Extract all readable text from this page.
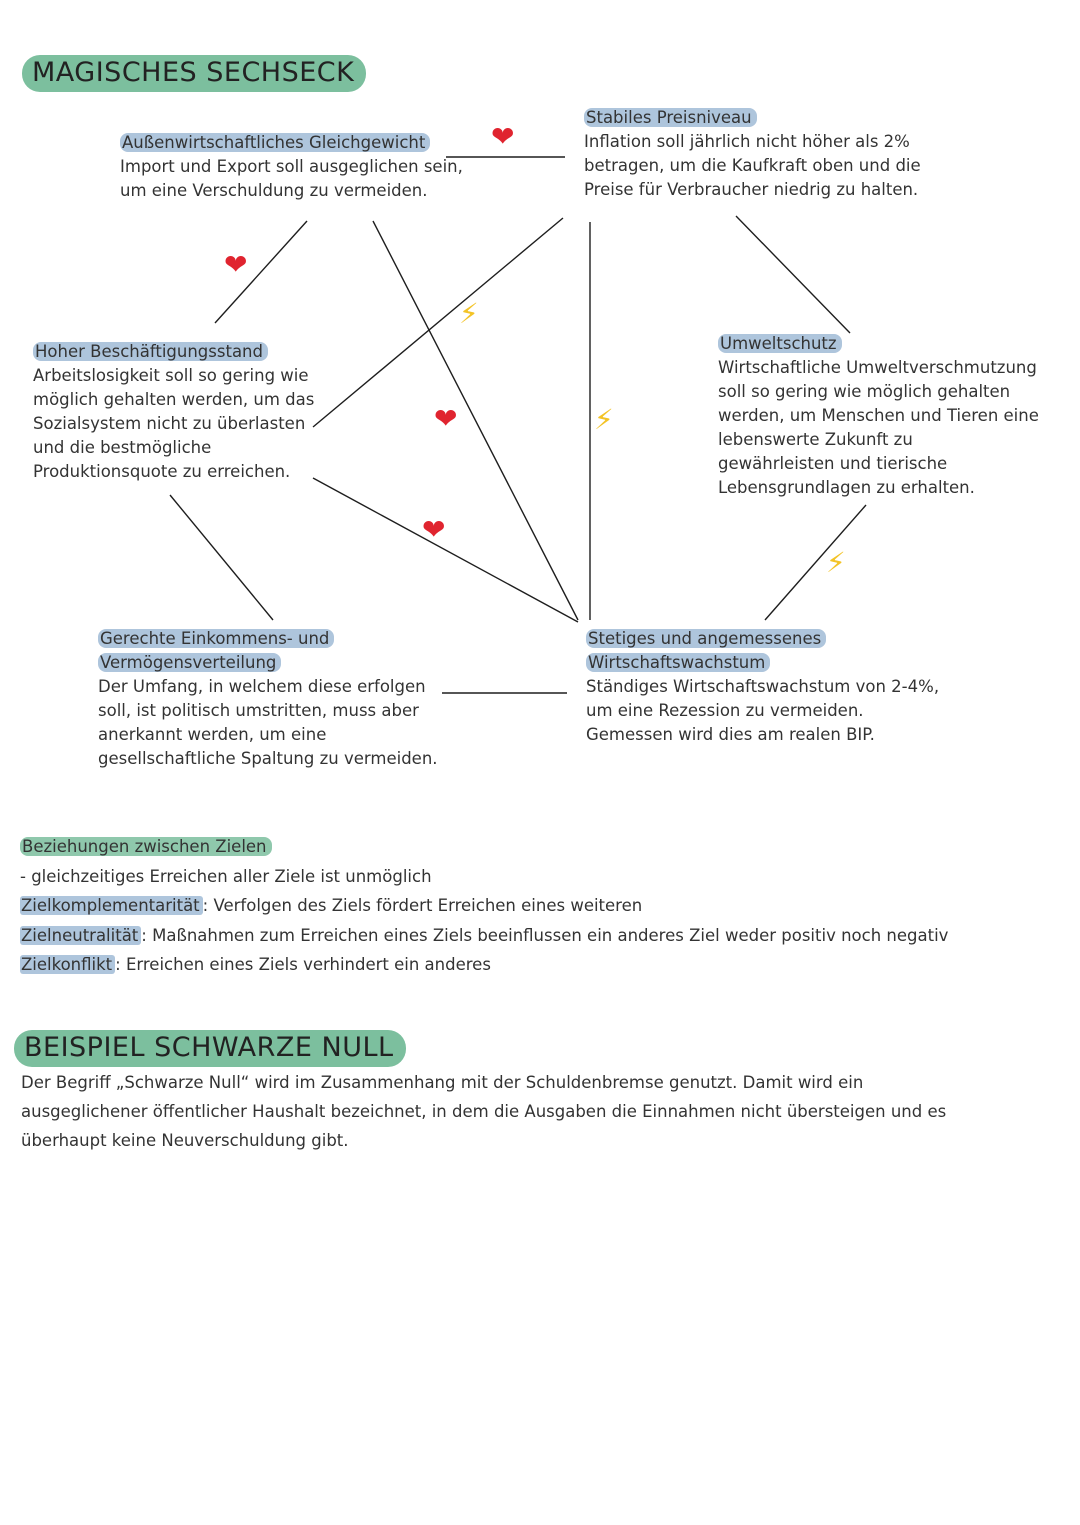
MAGISCHES SECHSECK
Außenwirtschaftliches Gleichgewicht
Import und Export soll ausgeglichen sein,
um eine Verschuldung zu vermeiden.
Stabiles Preisniveau
Inflation soll jährlich nicht höher als 2%
betragen, um die Kaufkraft oben und die
Preise für Verbraucher niedrig zu halten.
Hoher Beschäftigungsstand
Arbeitslosigkeit soll so gering wie
möglich gehalten werden, um das
Sozialsystem nicht zu überlasten
und die bestmögliche
Produktionsquote zu erreichen.
Umweltschutz
Wirtschaftliche Umweltverschmutzung
soll so gering wie möglich gehalten
werden, um Menschen und Tieren eine
lebenswerte Zukunft zu
gewährleisten und tierische
Lebensgrundlagen zu erhalten.
Gerechte Einkommens- und
Vermögensverteilung
Der Umfang, in welchem diese erfolgen
soll, ist politisch umstritten, muss aber
anerkannt werden, um eine
gesellschaftliche Spaltung zu vermeiden.
Stetiges und angemessenes
Wirtschaftswachstum
Ständiges Wirtschaftswachstum von 2-4%,
um eine Rezession zu vermeiden.
Gemessen wird dies am realen BIP.
❤
❤
❤
❤
⚡
⚡
⚡
Beziehungen zwischen Zielen
- gleichzeitiges Erreichen aller Ziele ist unmöglich
Zielkomplementarität : Verfolgen des Ziels fördert Erreichen eines weiteren
Zielneutralität : Maßnahmen zum Erreichen eines Ziels beeinflussen ein anderes Ziel weder positiv noch negativ
Zielkonflikt : Erreichen eines Ziels verhindert ein anderes
BEISPIEL SCHWARZE NULL
Der Begriff „Schwarze Null“ wird im Zusammenhang mit der Schuldenbremse genutzt. Damit wird ein
ausgeglichener öffentlicher Haushalt bezeichnet, in dem die Ausgaben die Einnahmen nicht übersteigen und es
überhaupt keine Neuverschuldung gibt.
